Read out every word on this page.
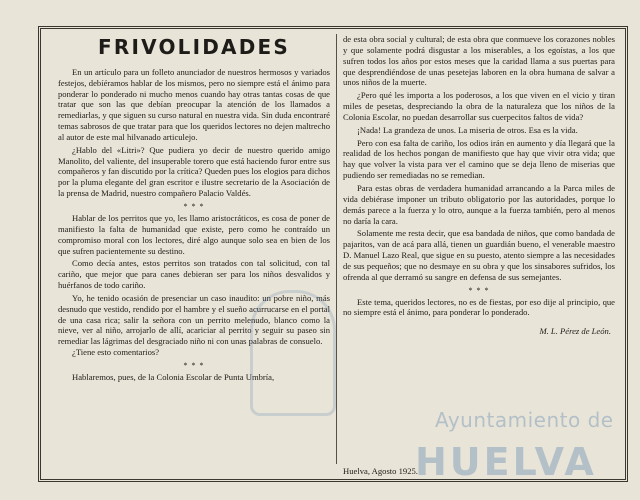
FRIVOLIDADES

En un artículo para un folleto anunciador de nuestros hermosos y variados festejos, debíéramos hablar de los mismos, pero no siempre está el ánimo para ponderar lo ponderado ni mucho menos cuando hay otras tantas cosas de que tratar que son las que debían preocupar la atención de los llamados a remediarlas, y que siguen su curso natural en nuestra vida. Sin duda encontraré temas sabrosos de que tratar para que los queridos lectores no dejen maltrecho al autor de este mal hilvanado articulejo.

¿Hablo del «Litri»? Que pudiera yo decir de nuestro querido amigo Manolito, del valiente, del insuperable torero que está haciendo furor entre sus compañeros y fan discutido por la crítica? Queden pues los elogios para dichos por la pluma elegante del gran escritor e ilustre secretario de la Asociación de la prensa de Madrid, nuestro compañero Palacio Valdés.

* * *

Hablar de los perritos que yo, les llamo aristocráticos, es cosa de poner de manifiesto la falta de humanidad que existe, pero como he contraído un compromiso moral con los lectores, diré algo aunque solo sea en bien de los que sufren pacientemente su destino.

Como decía antes, estos perritos son tratados con tal solicitud, con tal cariño, que mejor que para canes debieran ser para los niños desvalidos y huérfanos de todo cariño.

Yo, he tenido ocasión de presenciar un caso inaudito: un pobre niño, más desnudo que vestido, rendido por el hambre y el sueño acurrucarse en el portal de una casa rica; salir la señora con un perrito melenudo, blanco como la nieve, ver al niño, arrojarlo de allí, acariciar al perrito y seguir su paseo sin remediar las lágrimas del desgraciado niño ni con unas palabras de consuelo.

¿Tiene esto comentarios?

* * *

Hablaremos, pues, de la Colonia Escolar de Punta Umbría,

de esta obra social y cultural; de esta obra que conmueve los corazones nobles y que solamente podrá disgustar a los miserables, a los egoístas, a los que sufren todos los años por estos meses que la caridad llama a sus puertas para que desprendiéndose de unas pesetejas laboren en la obra humana de salvar a unos niños de la muerte.

¿Pero qué les importa a los poderosos, a los que viven en el vicio y tiran miles de pesetas, despreciando la obra de la naturaleza que los niños de la Colonia Escolar, no puedan desarrollar sus cuerpecitos faltos de vida?

¡Nada! La grandeza de unos. La miseria de otros. Esa es la vida.

Pero con esa falta de cariño, los odios irán en aumento y día llegará que la realidad de los hechos pongan de manifiesto que hay que vivir otra vida; que hay que volver la vista para ver el camino que se deja lleno de miserias que pudiendo ser remediadas no se remedian.

Para estas obras de verdadera humanidad arrancando a la Parca miles de vida debiérase imponer un tributo obligatorio por las autoridades, porque lo demás parece a la fuerza y lo otro, aunque a la fuerza también, pero al menos no daría la cara.

Solamente me resta decir, que esa bandada de niños, que como bandada de pajaritos, van de acá para allá, tienen un guardián bueno, el venerable maestro D. Manuel Lazo Real, que sigue en su puesto, atento siempre a las necesidades de sus pequeños; que no desmaye en su obra y que los sinsabores sufridos, los ofrenda al que derramó su sangre en defensa de sus semejantes.

* * *

Este tema, queridos lectores, no es de fiestas, por eso dije al principio, que no siempre está el ánimo, para ponderar lo ponderado.

M. L. Pérez de León.
Huelva, Agosto 1925.
Ayuntamiento de
HUELVA
